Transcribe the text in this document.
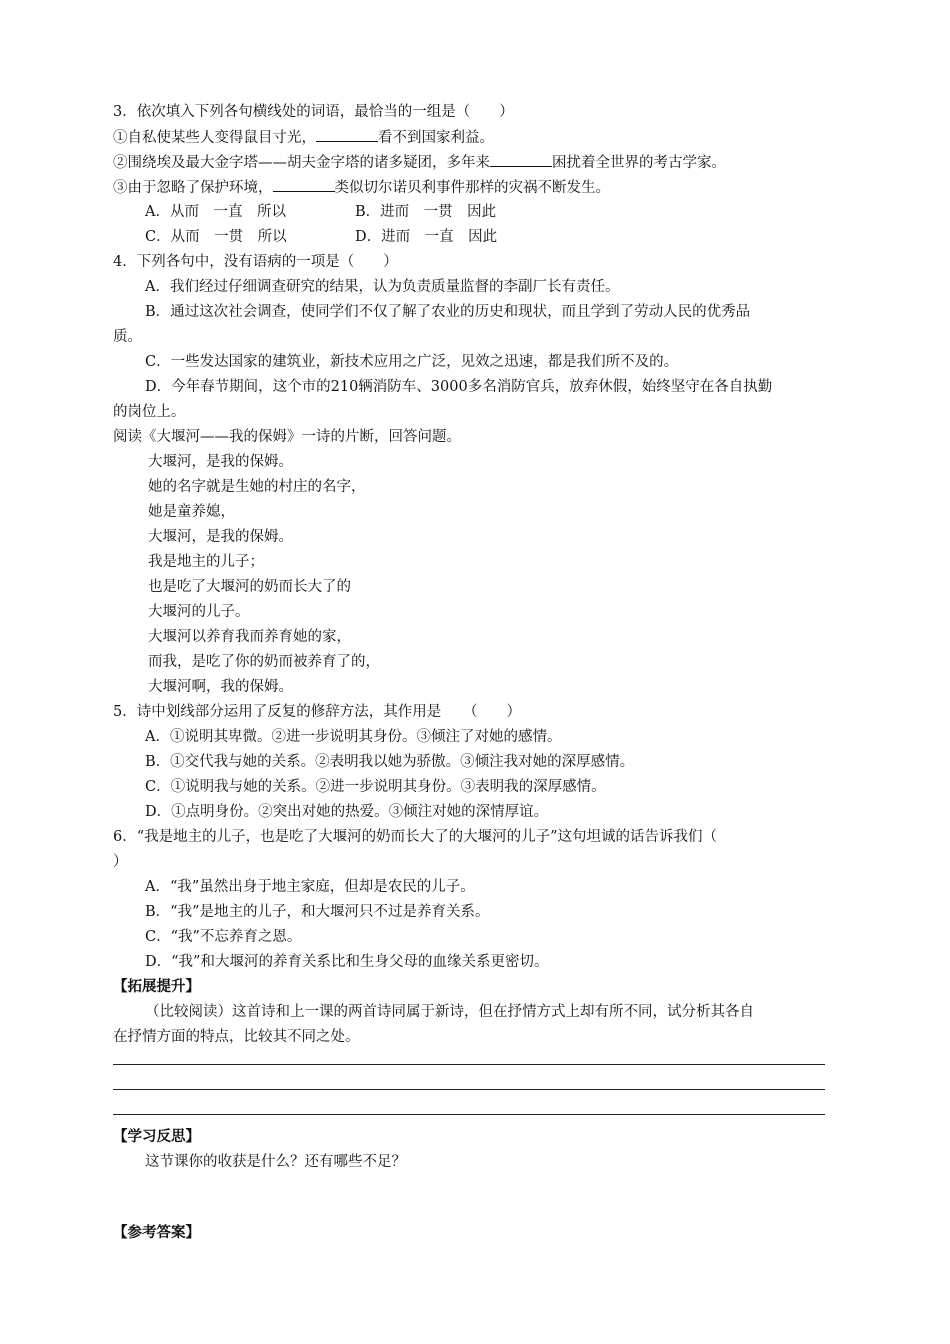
3．依次填入下列各句横线处的词语，最恰当的一组是（　　）
①自私使某些人变得鼠目寸光，	看不到国家利益。
②围绕埃及最大金字塔——胡夫金字塔的诸多疑团，多年来	困扰着全世界的考古学家。
③由于忽略了保护环境，	类似切尔诺贝利事件那样的灾祸不断发生。
A．从而　一直　所以	B．进而　一贯　因此
C．从而　一贯　所以	D．进而　一直　因此
4．下列各句中，没有语病的一项是（　　）
A．我们经过仔细调查研究的结果，认为负责质量监督的李副厂长有责任。
B．通过这次社会调查，使同学们不仅了解了农业的历史和现状，而且学到了劳动人民的优秀品
质。
C．一些发达国家的建筑业，新技术应用之广泛，见效之迅速，都是我们所不及的。
D．今年春节期间，这个市的210辆消防车、3000多名消防官兵，放弃休假，始终坚守在各自执勤
的岗位上。
阅读《大堰河——我的保姆》一诗的片断，回答问题。
大堰河，是我的保姆。
她的名字就是生她的村庄的名字，
她是童养媳，
大堰河，是我的保姆。
我是地主的儿子；
也是吃了大堰河的奶而长大了的
大堰河的儿子。
大堰河以养育我而养育她的家，
而我，是吃了你的奶而被养育了的，
大堰河啊，我的保姆。
5．诗中划线部分运用了反复的修辞方法，其作用是　　（　　）
A．①说明其卑微。②进一步说明其身份。③倾注了对她的感情。
B．①交代我与她的关系。②表明我以她为骄傲。③倾注我对她的深厚感情。
C．①说明我与她的关系。②进一步说明其身份。③表明我的深厚感情。
D．①点明身份。②突出对她的热爱。③倾注对她的深情厚谊。
6．“我是地主的儿子，也是吃了大堰河的奶而长大了的大堰河的儿子”这句坦诚的话告诉我们（
）
A．“我”虽然出身于地主家庭，但却是农民的儿子。
B．“我”是地主的儿子，和大堰河只不过是养育关系。
C．“我”不忘养育之恩。
D．“我”和大堰河的养育关系比和生身父母的血缘关系更密切。
【拓展提升】
（比较阅读）这首诗和上一课的两首诗同属于新诗，但在抒情方式上却有所不同，试分析其各自
在抒情方面的特点，比较其不同之处。
【学习反思】
这节课你的收获是什么？还有哪些不足？
【参考答案】
